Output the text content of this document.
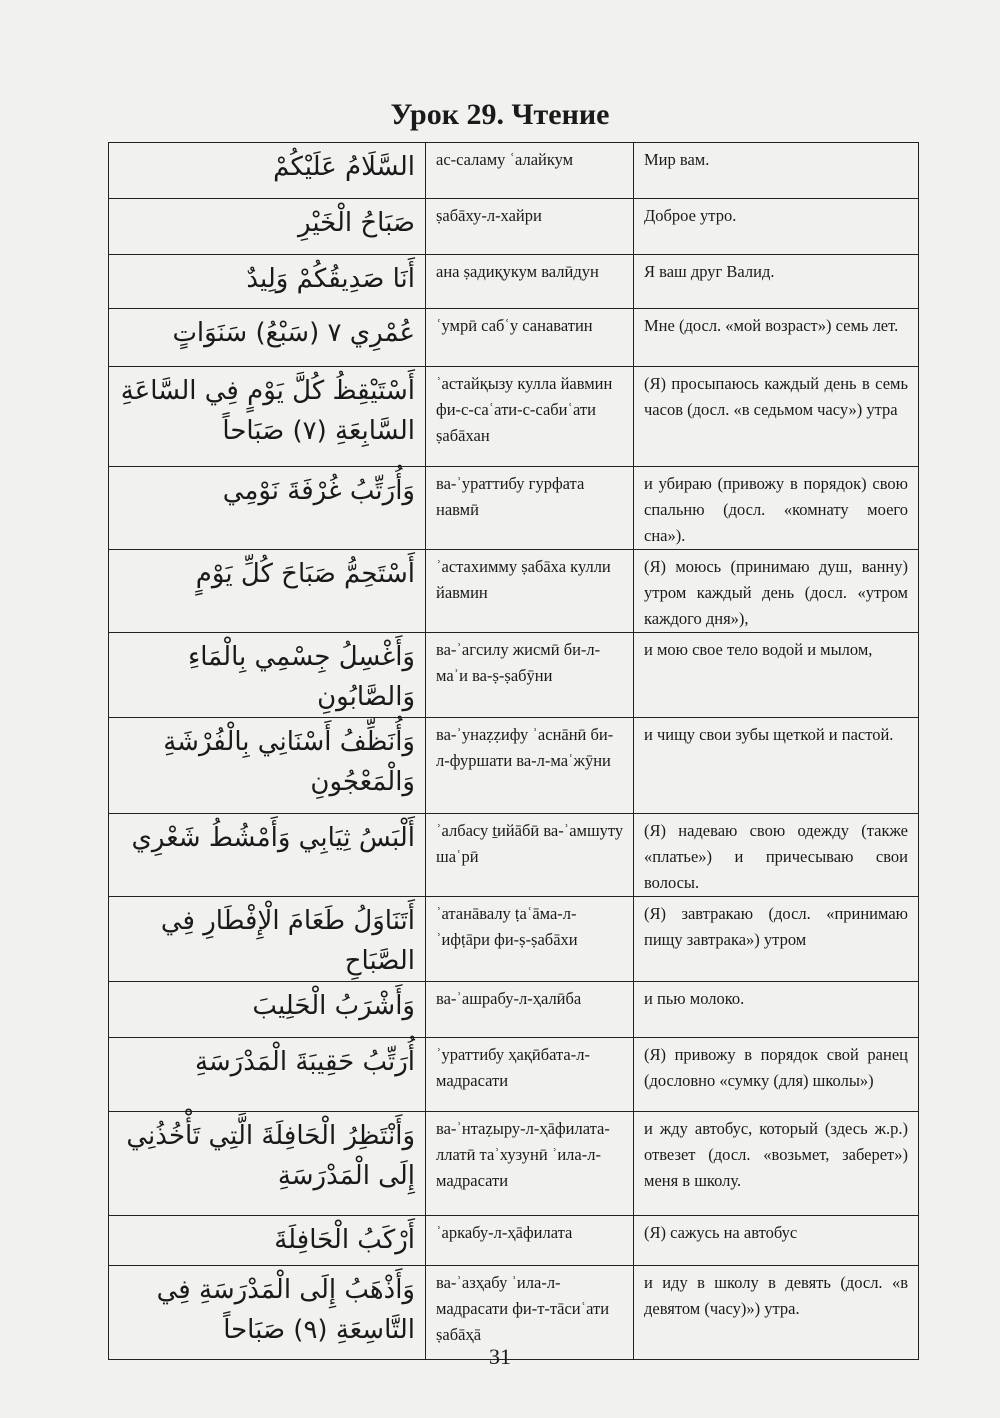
Урок 29. Чтение
السَّلَامُ عَلَيْكُمْ	ас-саламу ʿалайкум	Мир вам.
صَبَاحُ الْخَيْرِ	ṣабāху-л-хайри	Доброе утро.
أَنَا صَدِيقُكُمْ وَلِيدٌ	ана ṣадиқукум валӣдун	Я ваш друг Валид.
عُمْرِي ٧ (سَبْعُ) سَنَوَاتٍ	ʿумрӣ сабʿу санаватин	Мне (досл. «мой возраст») семь лет.
أَسْتَيْقِظُ كُلَّ يَوْمٍ فِي السَّاعَةِ السَّابِعَةِ (٧) صَبَاحاً	ʾастайқызу кулла йавмин фи-с-саʿати-с-сабиʿати ṣабāхан	(Я) просыпаюсь каждый день в семь часов (досл. «в седьмом часу») утра
وَأُرَتِّبُ غُرْفَةَ نَوْمِي	ва-ʾураттибу гурфата навмӣ	и убираю (привожу в порядок) свою спальню (досл. «комнату моего сна»).
أَسْتَحِمُّ صَبَاحَ كُلِّ يَوْمٍ	ʾастахимму ṣабāха кулли йавмин	(Я) моюсь (принимаю душ, ванну) утром каждый день (досл. «утром каждого дня»),
وَأَغْسِلُ جِسْمِي بِالْمَاءِ وَالصَّابُونِ	ва-ʾагсилу жисмӣ би-л-маʾи ва-ṣ-ṣабӯни	и мою свое тело водой и мылом,
وَأُنَظِّفُ أَسْنَانِي بِالْفُرْشَةِ وَالْمَعْجُونِ	ва-ʾунаẓẓифу ʾаснāнӣ би-л-фуршати ва-л-маʿжӯни	и чищу свои зубы щеткой и пастой.
أَلْبَسُ ثِيَابِي وَأَمْشُطُ شَعْرِي	ʾалбасу ṯийāбӣ ва-ʾамшуту шаʿрӣ	(Я) надеваю свою одежду (также «платье») и причесываю свои волосы.
أَتَنَاوَلُ طَعَامَ الْإِفْطَارِ فِي الصَّبَاحِ	ʾатанāвалу ṭаʿāма-л-ʾифṭāри фи-ṣ-ṣабāхи	(Я) завтракаю (досл. «принимаю пищу завтрака») утром
وَأَشْرَبُ الْحَلِيبَ	ва-ʾашрабу-л-ҳалӣба	и пью молоко.
أُرَتِّبُ حَقِيبَةَ الْمَدْرَسَةِ	ʾураттибу ҳақӣбата-л-мадрасати	(Я) привожу в порядок свой ранец (дословно «сумку (для) школы»)
وَأَنْتَظِرُ الْحَافِلَةَ الَّتِي تَأْخُذُنِي إِلَى الْمَدْرَسَةِ	ва-ʾнтаẓыру-л-ҳāфилата-ллатӣ таʾхузунӣ ʾила-л-мадрасати	и жду автобус, который (здесь ж.р.) отвезет (досл. «возьмет, заберет») меня в школу.
أَرْكَبُ الْحَافِلَةَ	ʾаркабу-л-ҳāфилата	(Я) сажусь на автобус
وَأَذْهَبُ إِلَى الْمَدْرَسَةِ فِي التَّاسِعَةِ (٩) صَبَاحاً	ва-ʾазҳабу ʾила-л-мадрасати фи-т-тāсиʿати ṣабāҳā	и иду в школу в девять (досл. «в девятом (часу)») утра.
31
